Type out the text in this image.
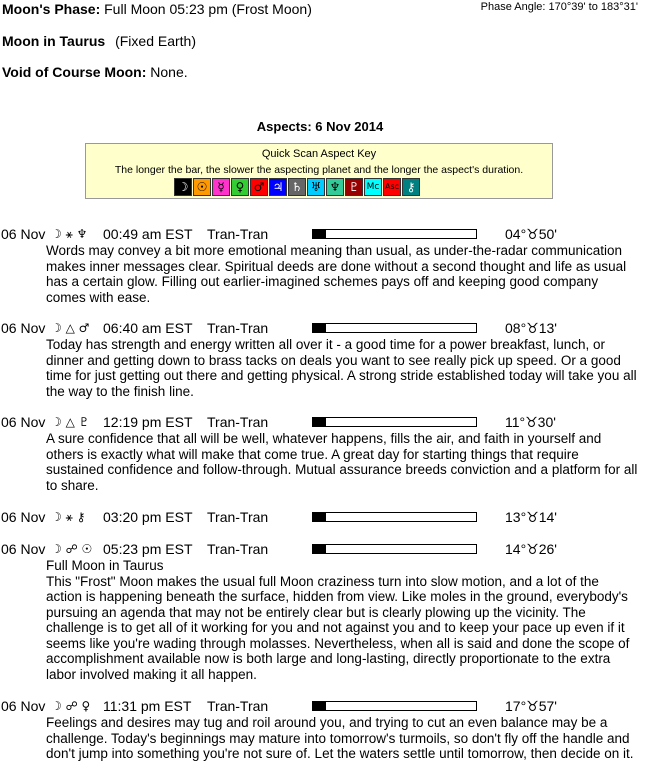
Moon's Phase: Full Moon 05:23 pm (Frost Moon)	Phase Angle: 170°39' to 183°31'
Moon in Taurus (Fixed Earth)
Void of Course Moon: None.
Aspects: 6 Nov 2014
Quick Scan Aspect Key
The longer the bar, the slower the aspecting planet and the longer the aspect's duration.
☽ ☉ ☿ ♀ ♂ ♃ ♄ ♅ ♆ ♇ Mc Asc ⚷
06 Nov ☽ ⚹ ♆ 00:49 am EST Tran-Tran	04°♉50'
Words may convey a bit more emotional meaning than usual, as under-the-radar communication makes inner messages clear. Spiritual deeds are done without a second thought and life as usual has a certain glow. Filling out earlier-imagined schemes pays off and keeping good company comes with ease.
06 Nov ☽ △ ♂ 06:40 am EST Tran-Tran	08°♉13'
Today has strength and energy written all over it - a good time for a power breakfast, lunch, or dinner and getting down to brass tacks on deals you want to see really pick up speed. Or a good time for just getting out there and getting physical. A strong stride established today will take you all the way to the finish line.
06 Nov ☽ △ ♇ 12:19 pm EST Tran-Tran	11°♉30'
A sure confidence that all will be well, whatever happens, fills the air, and faith in yourself and others is exactly what will make that come true. A great day for starting things that require sustained confidence and follow-through. Mutual assurance breeds conviction and a platform for all to share.
06 Nov ☽ ⚹ ⚷ 03:20 pm EST Tran-Tran	13°♉14'
06 Nov ☽ ☍ ☉ 05:23 pm EST Tran-Tran	14°♉26'
Full Moon in Taurus
This "Frost" Moon makes the usual full Moon craziness turn into slow motion, and a lot of the action is happening beneath the surface, hidden from view. Like moles in the ground, everybody's pursuing an agenda that may not be entirely clear but is clearly plowing up the vicinity. The challenge is to get all of it working for you and not against you and to keep your pace up even if it seems like you're wading through molasses. Nevertheless, when all is said and done the scope of accomplishment available now is both large and long-lasting, directly proportionate to the extra labor involved making it all happen.
06 Nov ☽ ☍ ♀ 11:31 pm EST Tran-Tran	17°♉57'
Feelings and desires may tug and roil around you, and trying to cut an even balance may be a challenge. Today's beginnings may mature into tomorrow's turmoils, so don't fly off the handle and don't jump into something you're not sure of. Let the waters settle until tomorrow, then decide on it.
